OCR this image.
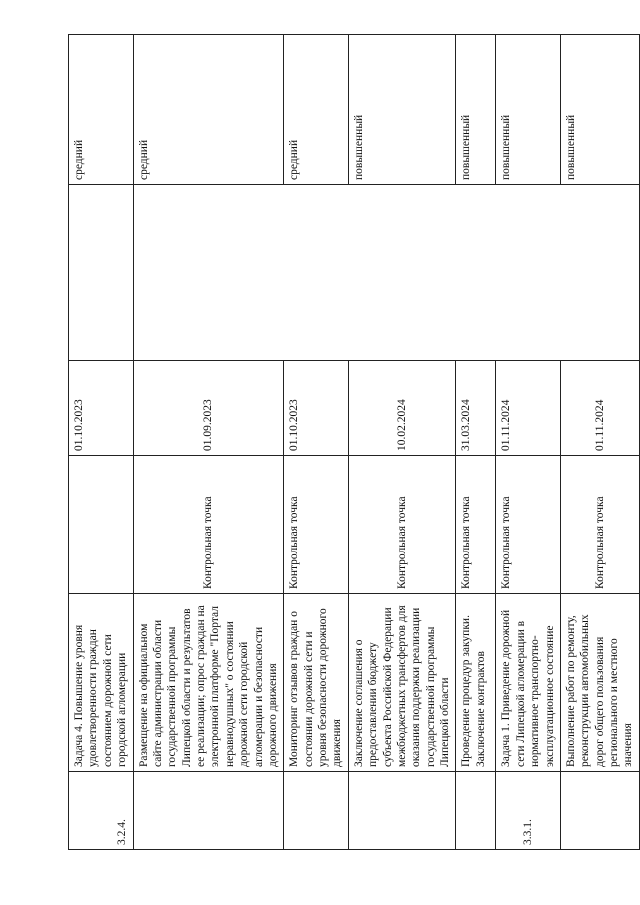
3.2.4.	Задача 4. Повышение уровня удовлетворенности граждан состоянием дорожной сети городской агломерации		01.10.2023		средний
	Размещение на официальном сайте администрации области государственной программы Липецкой области и результатов ее реализации; опрос граждан на электронной платформе "Портал неравнодушных" о состоянии дорожной сети городской агломерации и безопасности дорожного движения	Контрольная точка	01.09.2023		средний
	Мониторинг отзывов граждан о состоянии дорожной сети и уровня безопасности дорожного движения	Контрольная точка	01.10.2023		средний
	Заключение соглашения о предоставлении бюджету субъекта Российской Федерации межбюджетных трансфертов для оказания поддержки реализации государственной программы Липецкой области	Контрольная точка	10.02.2024		повышенный
	Проведение процедур закупки. Заключение контрактов	Контрольная точка	31.03.2024		повышенный
3.3.1.	Задача 1. Приведение дорожной сети Липецкой агломерации в нормативное транспортно-эксплуатационное состояние	Контрольная точка	01.11.2024		повышенный
	Выполнение работ по ремонту, реконструкции автомобильных дорог общего пользования регионального и местного значения	Контрольная точка	01.11.2024		повышенный
